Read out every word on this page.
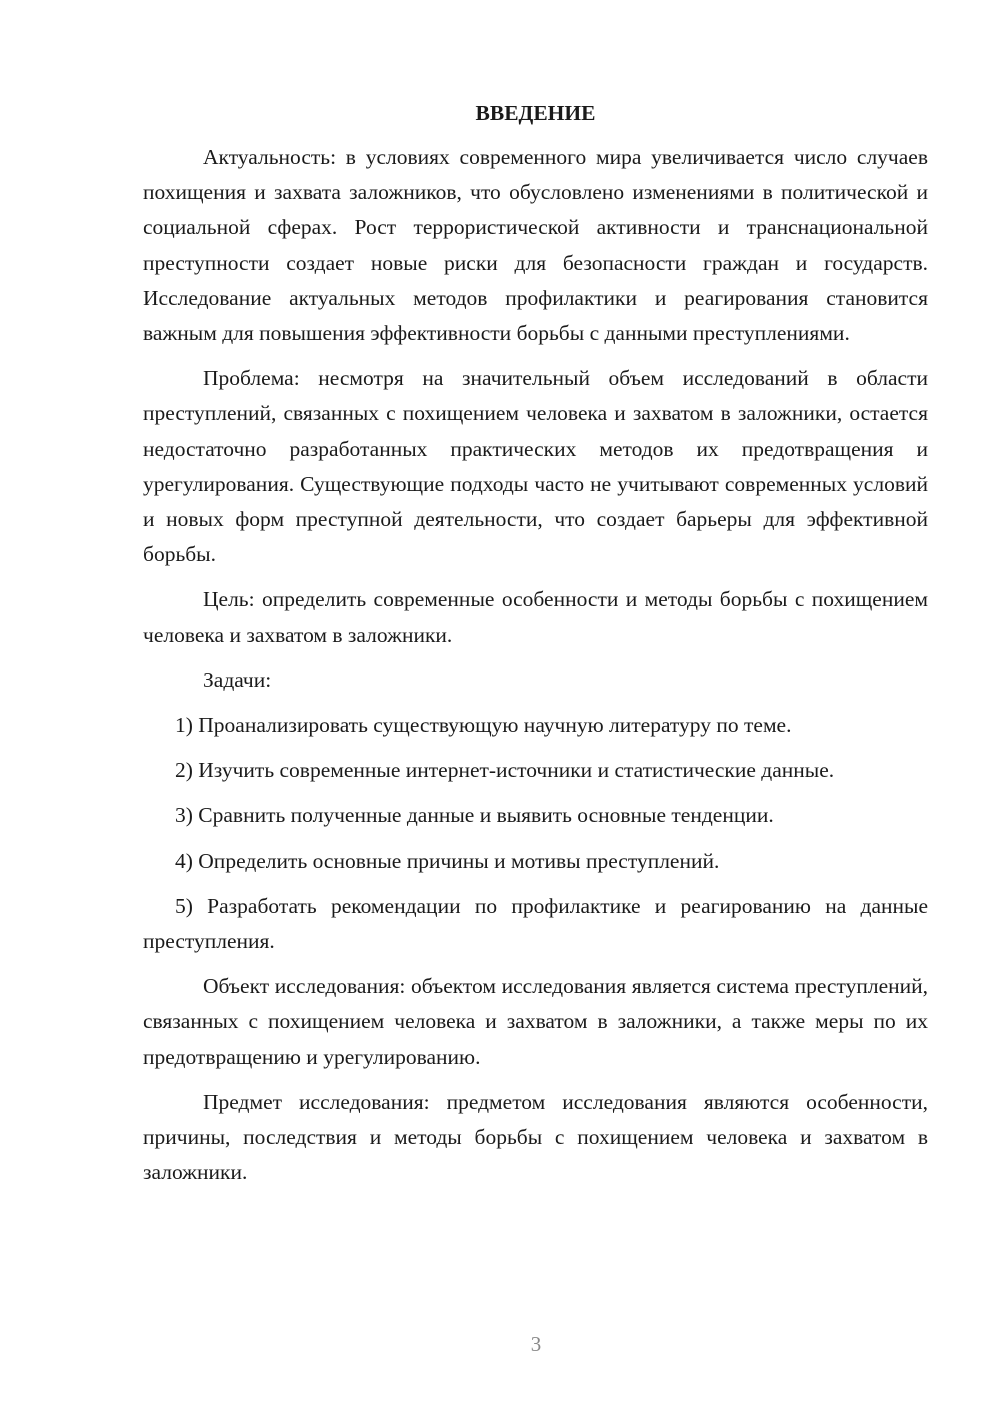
ВВЕДЕНИЕ

Актуальность: в условиях современного мира увеличивается число случаев похищения и захвата заложников, что обусловлено изменениями в политической и социальной сферах. Рост террористической активности и транснациональной преступности создает новые риски для безопасности граждан и государств. Исследование актуальных методов профилактики и реагирования становится важным для повышения эффективности борьбы с данными преступлениями.

Проблема: несмотря на значительный объем исследований в области преступлений, связанных с похищением человека и захватом в заложники, остается недостаточно разработанных практических методов их предотвращения и урегулирования. Существующие подходы часто не учитывают современных условий и новых форм преступной деятельности, что создает барьеры для эффективной борьбы.

Цель: определить современные особенности и методы борьбы с похищением человека и захватом в заложники.

Задачи:

1) Проанализировать существующую научную литературу по теме.

2) Изучить современные интернет-источники и статистические данные.

3) Сравнить полученные данные и выявить основные тенденции.

4) Определить основные причины и мотивы преступлений.

5) Разработать рекомендации по профилактике и реагированию на данные преступления.

Объект исследования: объектом исследования является система преступлений, связанных с похищением человека и захватом в заложники, а также меры по их предотвращению и урегулированию.

Предмет исследования: предметом исследования являются особенности, причины, последствия и методы борьбы с похищением человека и захватом в заложники.

3
